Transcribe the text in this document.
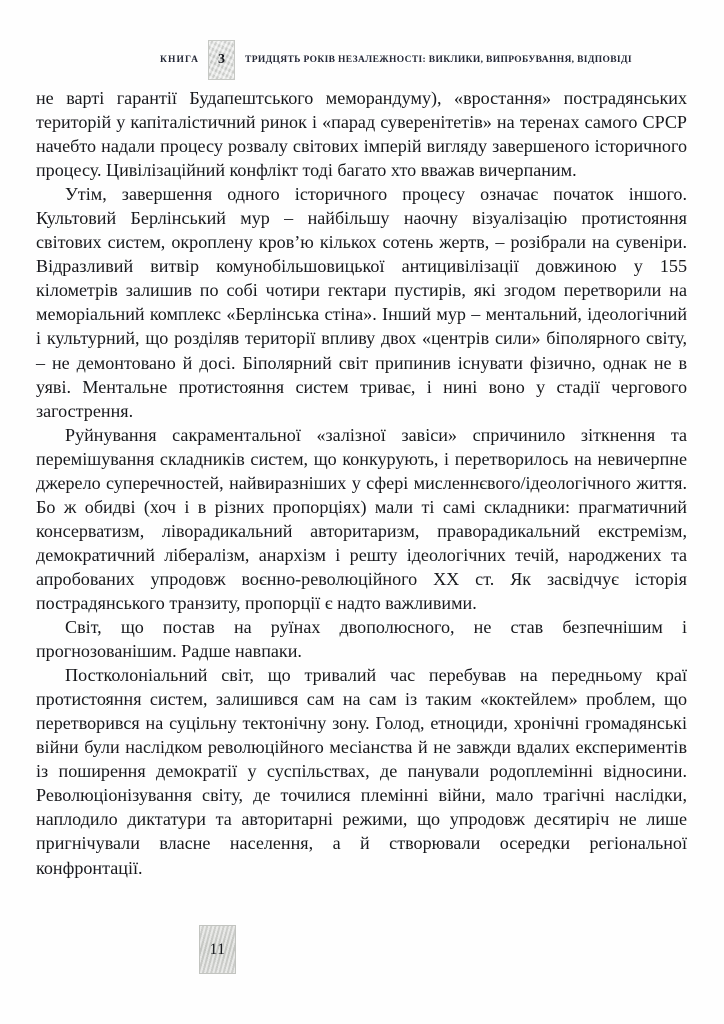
КНИГА 3 ТРИДЦЯТЬ РОКІВ НЕЗАЛЕЖНОСТІ: ВИКЛИКИ, ВИПРОБУВАННЯ, ВІДПОВІДІ

не варті гарантії Будапештського меморандуму), «вростання» пострадянських територій у капіталістичний ринок і «парад суверенітетів» на теренах самого СРСР начебто надали процесу розвалу світових імперій вигляду завершеного історичного процесу. Цивілізаційний конфлікт тоді багато хто вважав вичерпаним.

Утім, завершення одного історичного процесу означає початок іншого. Культовий Берлінський мур – найбільшу наочну візуалізацію протистояння світових систем, окроплену кров’ю кількох сотень жертв, – розібрали на сувеніри. Відразливий витвір комунобільшовицької антицивілізації довжиною у 155 кілометрів залишив по собі чотири гектари пустирів, які згодом перетворили на меморіальний комплекс «Берлінська стіна». Інший мур – ментальний, ідеологічний і культурний, що розділяв території впливу двох «центрів сили» біполярного світу, – не демонтовано й досі. Біполярний світ припинив існувати фізично, однак не в уяві. Ментальне протистояння систем триває, і нині воно у стадії чергового загострення.

Руйнування сакраментальної «залізної завіси» спричинило зіткнення та перемішування складників систем, що конкурують, і перетворилось на невичерпне джерело суперечностей, найвиразніших у сфері мисленнєвого/ідеологічного життя. Бо ж обидві (хоч і в різних пропорціях) мали ті самі складники: прагматичний консерватизм, ліворадикальний авторитаризм, праворадикальний екстремізм, демократичний лібералізм, анархізм і решту ідеологічних течій, народжених та апробованих упродовж воєнно-революційного XX ст. Як засвідчує історія пострадянського транзиту, пропорції є надто важливими.

Світ, що постав на руїнах двополюсного, не став безпечнішим і прогнозованішим. Радше навпаки.

Постколоніальний світ, що тривалий час перебував на передньому краї протистояння систем, залишився сам на сам із таким «коктейлем» проблем, що перетворився на суцільну тектонічну зону. Голод, етноциди, хронічні громадянські війни були наслідком революційного месіанства й не завжди вдалих експериментів із поширення демократії у суспільствах, де панували родоплемінні відносини. Революціонізування світу, де точилися племінні війни, мало трагічні наслідки, наплодило диктатури та авторитарні режими, що упродовж десятиріч не лише пригнічували власне населення, а й створювали осередки регіональної конфронтації.

11
